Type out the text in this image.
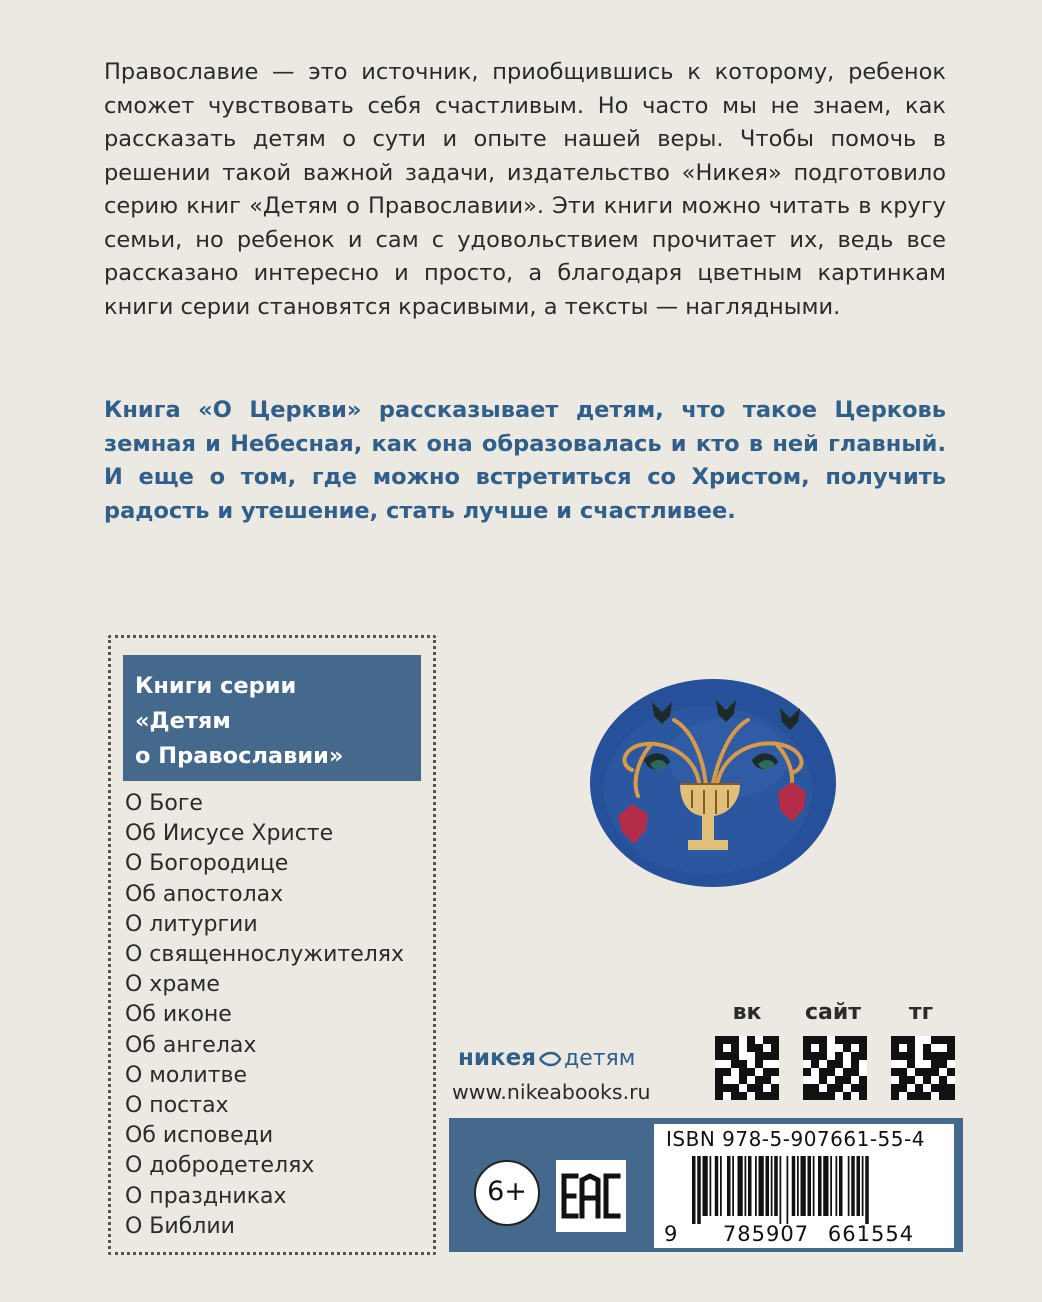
Православие — это источник, приобщившись к которому, ребенок сможет чувствовать себя счастливым. Но часто мы не знаем, как рассказать детям о сути и опыте нашей веры. Чтобы помочь в решении такой важной задачи, издательство «Никея» подготовило серию книг «Детям о Православии». Эти книги можно читать в кругу семьи, но ребенок и сам с удовольствием прочитает их, ведь все рассказано интересно и просто, а благодаря цветным картинкам книги серии становятся красивыми, а тексты — наглядными.

Книга «О Церкви» рассказывает детям, что такое Церковь земная и Небесная, как она образовалась и кто в ней главный. И еще о том, где можно встретиться со Христом, получить радость и утешение, стать лучше и счастливее.

Книги серии
«Детям
о Православии»
О Боге
Об Иисусе Христе
О Богородице
Об апостолах
О литургии
О священнослужителях
О храме
Об иконе
Об ангелах
О молитве
О постах
Об исповеди
О добродетелях
О праздниках
О Библии
вк	сайт	тг
никея детям
www.nikeabooks.ru
6+
ISBN 978-5-907661-55-4
9 785907 661554
